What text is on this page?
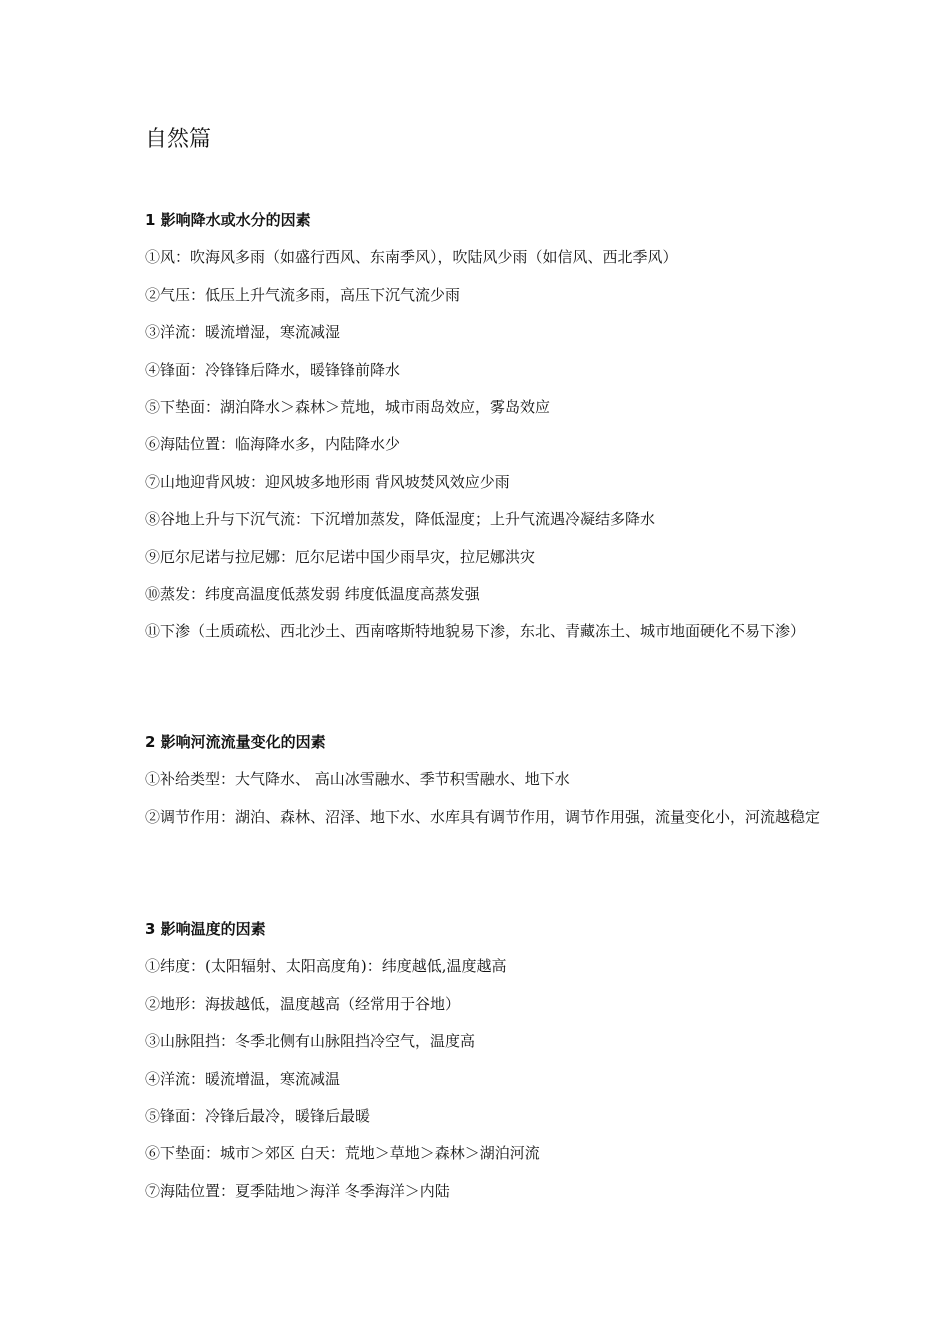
自然篇

1 影响降水或水分的因素

①风：吹海风多雨（如盛行西风、东南季风），吹陆风少雨（如信风、西北季风）

②气压：低压上升气流多雨，高压下沉气流少雨

③洋流：暖流增湿，寒流减湿

④锋面：冷锋锋后降水，暖锋锋前降水

⑤下垫面：湖泊降水＞森林＞荒地，城市雨岛效应，雾岛效应

⑥海陆位置：临海降水多，内陆降水少

⑦山地迎背风坡：迎风坡多地形雨 背风坡焚风效应少雨

⑧谷地上升与下沉气流：下沉增加蒸发，降低湿度；上升气流遇冷凝结多降水

⑨厄尔尼诺与拉尼娜：厄尔尼诺中国少雨旱灾，拉尼娜洪灾

⑩蒸发：纬度高温度低蒸发弱 纬度低温度高蒸发强

⑪下渗（土质疏松、西北沙土、西南喀斯特地貌易下渗，东北、青藏冻土、城市地面硬化不易下渗）

2 影响河流流量变化的因素

①补给类型：大气降水、 高山冰雪融水、季节积雪融水、地下水

②调节作用：湖泊、森林、沼泽、地下水、水库具有调节作用，调节作用强，流量变化小，河流越稳定

3 影响温度的因素

①纬度：(太阳辐射、太阳高度角)：纬度越低,温度越高

②地形：海拔越低，温度越高（经常用于谷地）

③山脉阻挡：冬季北侧有山脉阻挡冷空气，温度高

④洋流：暖流增温，寒流减温

⑤锋面：冷锋后最冷，暖锋后最暖

⑥下垫面：城市＞郊区 白天：荒地＞草地＞森林＞湖泊河流

⑦海陆位置：夏季陆地＞海洋 冬季海洋＞内陆
